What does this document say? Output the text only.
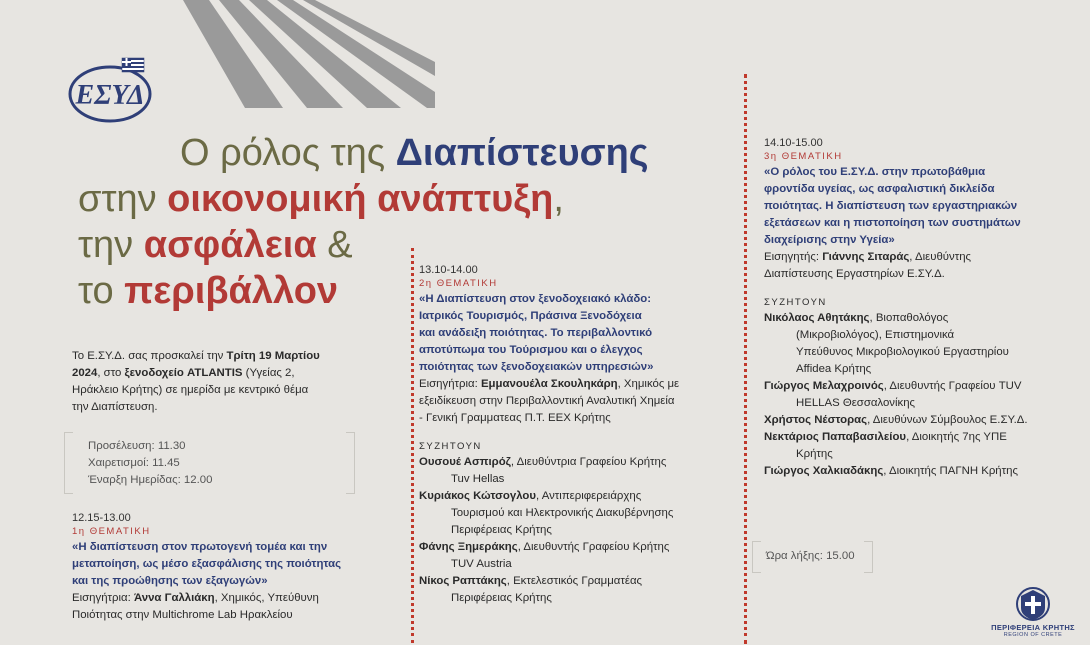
ΕΣΥΔ
Ο ρόλος της Διαπίστευσης
στην οικονομική ανάπτυξη,
την ασφάλεια &
το περιβάλλον
Το Ε.ΣΥ.Δ. σας προσκαλεί την Τρίτη 19 Μαρτίου
2024, στο ξενοδοχείο ATLANTIS (Υγείας 2,
Ηράκλειο Κρήτης) σε ημερίδα με κεντρικό θέμα
την Διαπίστευση.
Προσέλευση: 11.30
Χαιρετισμοί: 11.45
Έναρξη Ημερίδας: 12.00
12.15-13.00
1η ΘΕΜΑΤΙΚΗ
«Η διαπίστευση στον πρωτογενή τομέα και την
μεταποίηση, ως μέσο εξασφάλισης της ποιότητας
και της προώθησης των εξαγωγών»
Εισηγήτρια: Άννα Γαλλιάκη, Χημικός, Υπεύθυνη
Ποιότητας στην Multichrome Lab Ηρακλείου
13.10-14.00
2η ΘΕΜΑΤΙΚΗ
«Η Διαπίστευση στον ξενοδοχειακό κλάδο:
Ιατρικός Τουρισμός, Πράσινα Ξενοδόχεια
και ανάδειξη ποιότητας. Το περιβαλλοντικό
αποτύπωμα του Τούρισμου και ο έλεγχος
ποιότητας των ξενοδοχειακών υπηρεσιών»
Εισηγήτρια: Εμμανουέλα Σκουληκάρη, Χημικός με
εξειδίκευση στην Περιβαλλοντική Αναλυτική Χημεία
- Γενική Γραμματεας Π.Τ. ΕΕΧ Κρήτης
ΣΥΖΗΤΟΥΝ
Ουσουέ Ασπιρόζ, Διευθύντρια Γραφείου Κρήτης
Tuv Hellas
Κυριάκος Κώτσογλου, Αντιπεριφερειάρχης
Τουρισμού και Ηλεκτρονικής Διακυβέρνησης
Περιφέρειας Κρήτης
Φάνης Ξημεράκης, Διευθυντής Γραφείου Κρήτης
TUV Austria
Νίκος Ραπτάκης, Εκτελεστικός Γραμματέας
Περιφέρειας Κρήτης
14.10-15.00
3η ΘΕΜΑΤΙΚΗ
«Ο ρόλος του Ε.ΣΥ.Δ. στην πρωτοβάθμια
φροντίδα υγείας, ως ασφαλιστική δικλείδα
ποιότητας. Η διαπίστευση των εργαστηριακών
εξετάσεων και η πιστοποίηση των συστημάτων
διαχείρισης στην Υγεία»
Εισηγητής: Γιάννης Σιταράς, Διευθύντης
Διαπίστευσης Εργαστηρίων Ε.ΣΥ.Δ.
ΣΥΖΗΤΟΥΝ
Νικόλαος Αθητάκης, Βιοπαθολόγος
(Μικροβιολόγος), Επιστημονικά
Υπεύθυνος Μικροβιολογικού Εργαστηρίου
Affidea Κρήτης
Γιώργος Μελαχροινός, Διευθυντής Γραφείου TUV
HELLAS Θεσσαλονίκης
Χρήστος Νέστορας, Διευθύνων Σύμβουλος Ε.ΣΥ.Δ.
Νεκτάριος Παπαβασιλείου, Διοικητής 7ης ΥΠΕ
Κρήτης
Γιώργος Χαλκιαδάκης, Διοικητής ΠΑΓΝΗ Κρήτης
Ώρα λήξης: 15.00
ΠΕΡΙΦΕΡΕΙΑ ΚΡΗΤΗΣ
REGION OF CRETE
